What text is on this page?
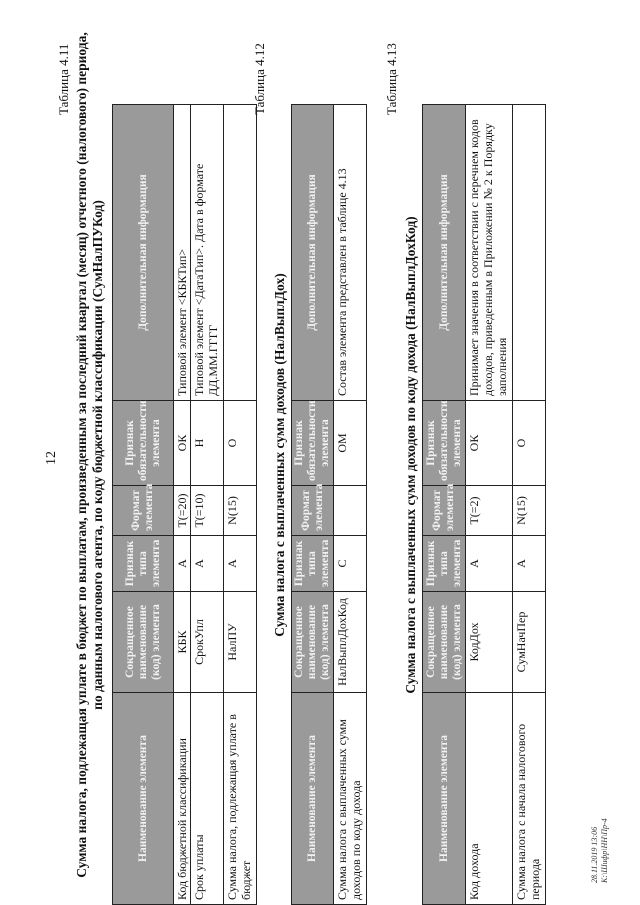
12
Таблица 4.11 Сумма налога, подлежащая уплате в бюджет по выплатам, произведенным за последний квартал (месяц) отчетного (налогового) периода, по данным налогового агента, по коду бюджетной классификации (СумНалПУКод)
Наименование элемента	Сокращенное наименование (код) элемента	Признак типа элемента	Формат элемента	Признак обязательности элемента	Дополнительная информация
Код бюджетной классификации	КБК	А	T(=20)	ОК	Типовой элемент <КБКТип>
Срок уплаты	СрокУпл	А	T(=10)	Н	Типовой элемент <ДатаТип>. Дата в формате ДД.ММ.ГГГГ
Сумма налога, подлежащая уплате в бюджет	НалПУ	А	N(15)	О	
Таблица 4.12
Сумма налога с выплаченных сумм доходов (НалВыплДох)
Наименование элемента	Сокращенное наименование (код) элемента	Признак типа элемента	Формат элемента	Признак обязательности элемента	Дополнительная информация
Сумма налога с выплаченных сумм доходов по коду дохода	НалВыплДохКод	С		ОМ	Состав элемента представлен в таблице 4.13
Таблица 4.13
Сумма налога с выплаченных сумм доходов по коду дохода (НалВыплДохКод)
Наименование элемента	Сокращенное наименование (код) элемента	Признак типа элемента	Формат элемента	Признак обязательности элемента	Дополнительная информация
Код дохода	КодДох	А	T(=2)	ОК	Принимает значения в соответствии с перечнем кодов доходов, приведенным в Приложении № 2 к Порядку заполнения
Сумма налога с начала налогового периода	СумНачПер	А	N(15)	О	
28.11.2019 13:06 К:\Шифр\НН\Пр-4
